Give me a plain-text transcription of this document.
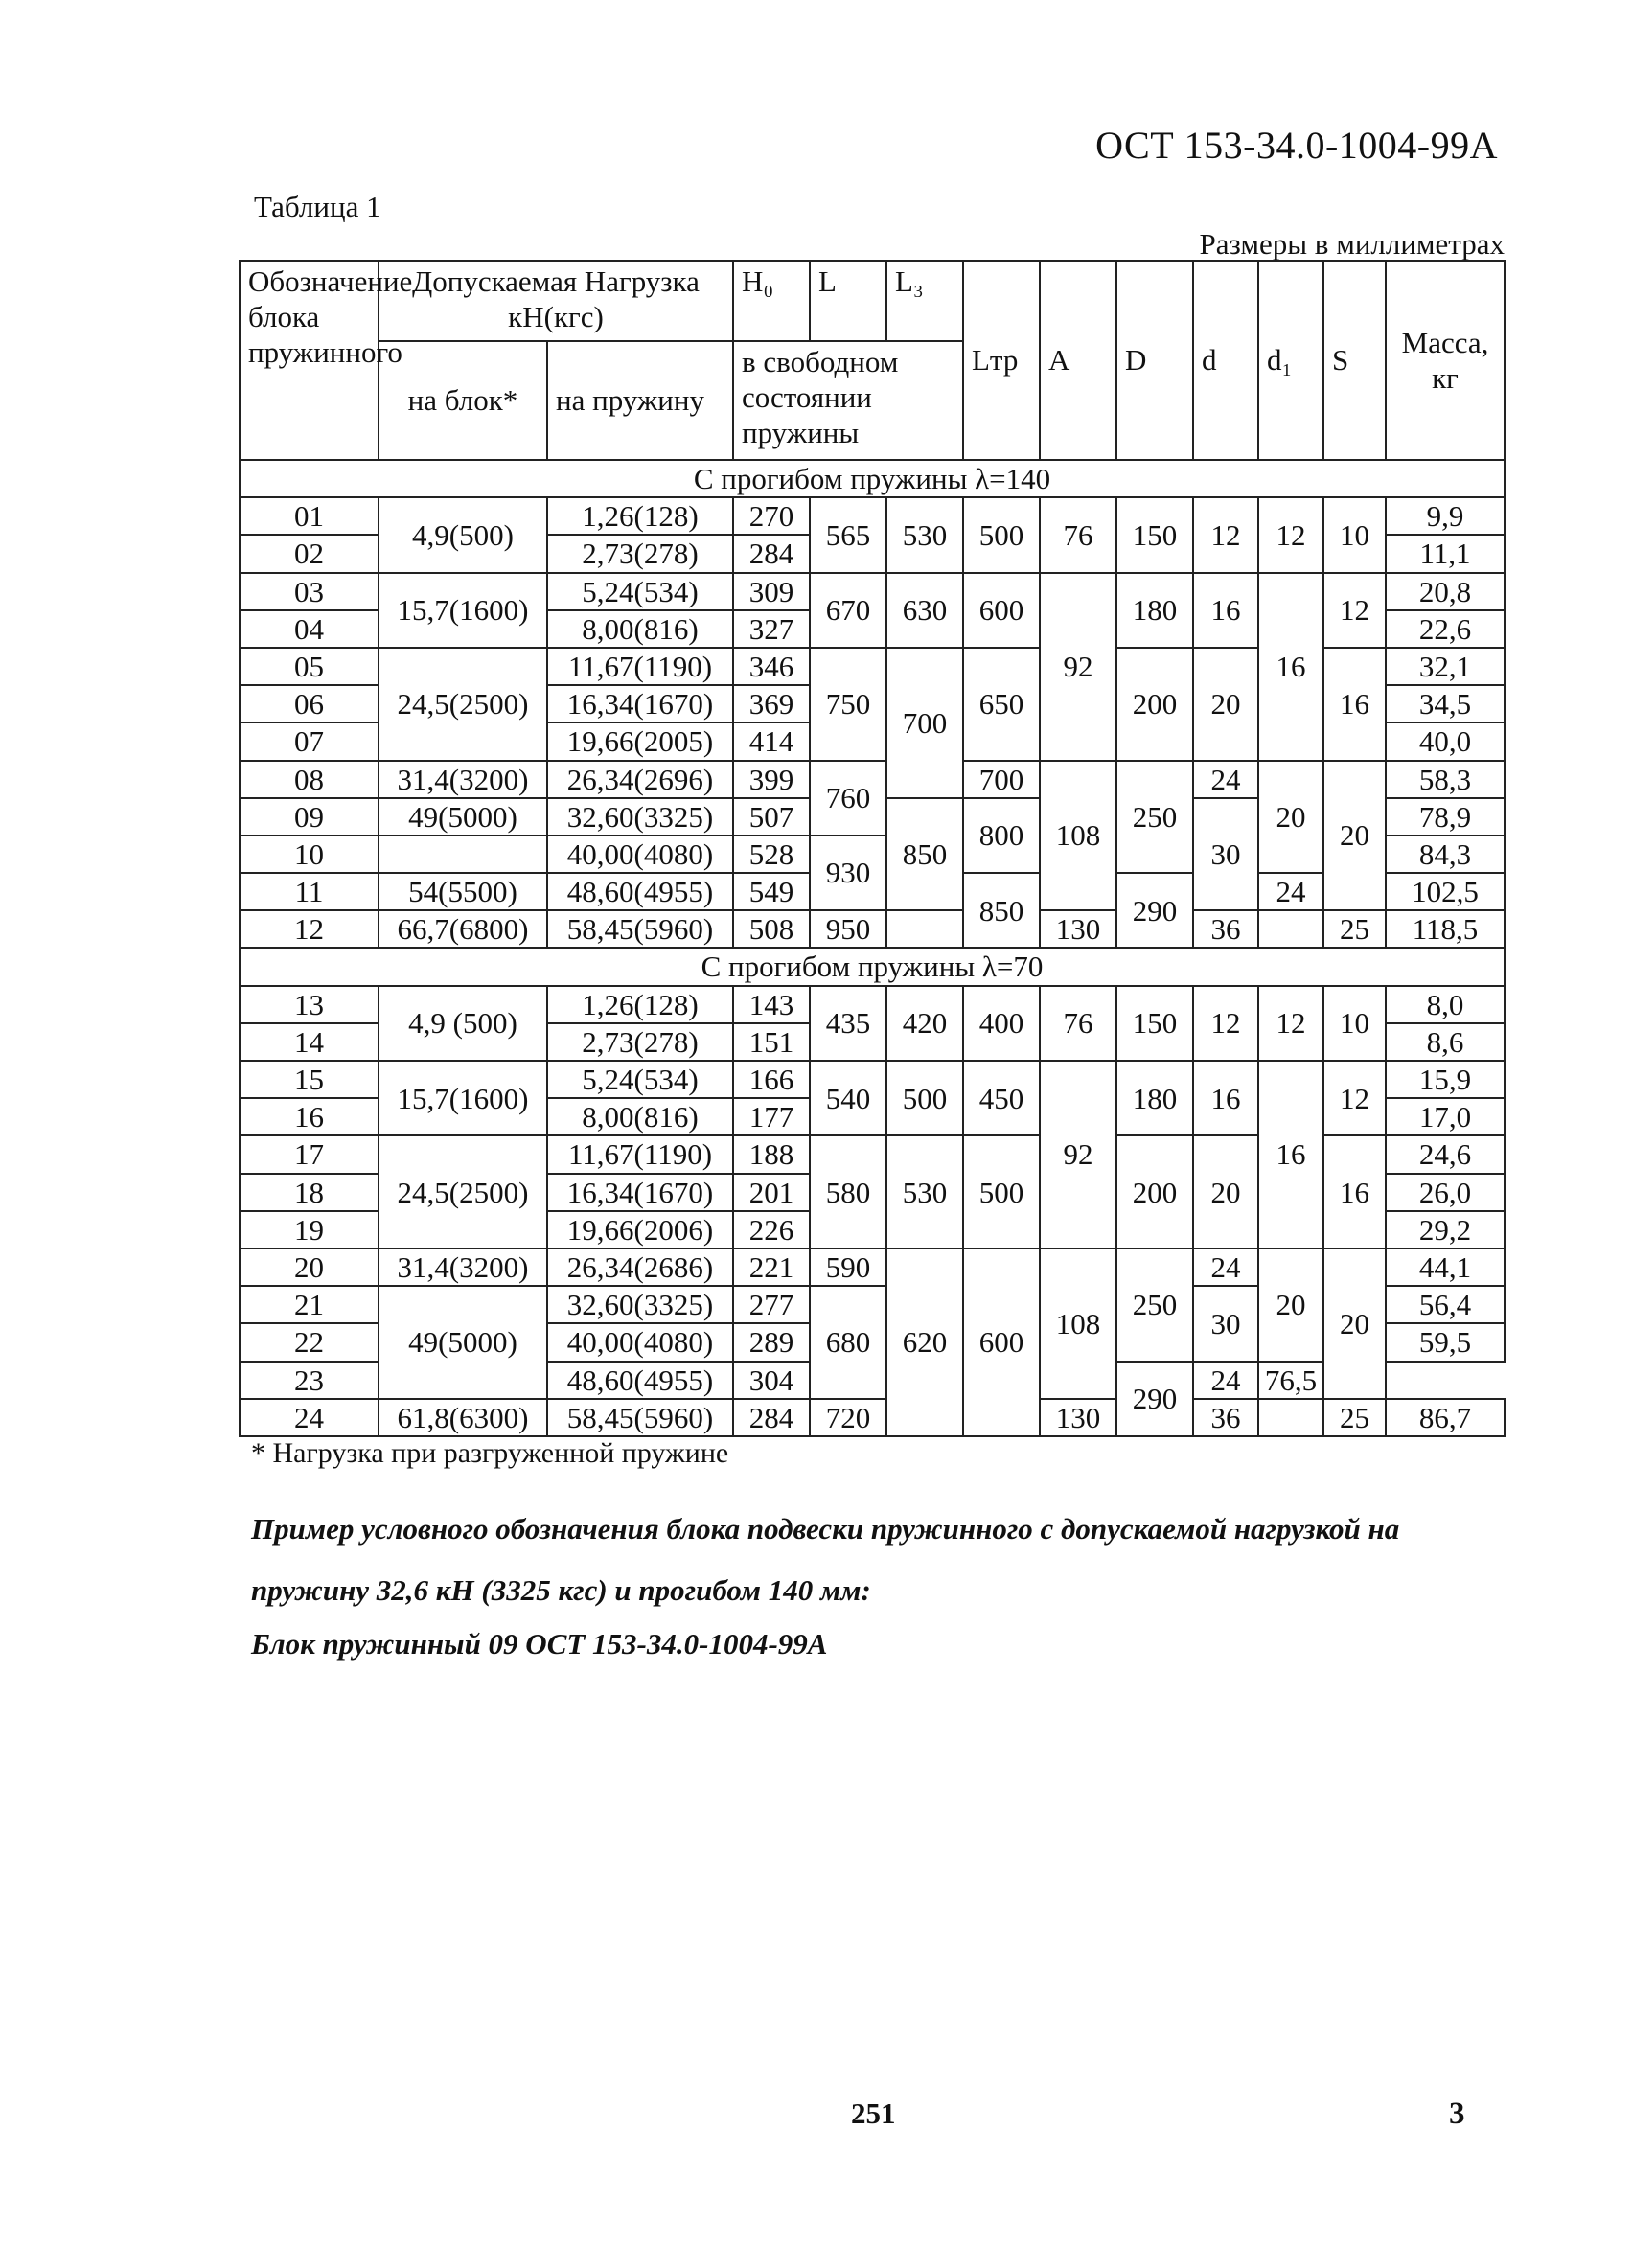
ОСТ 153-34.0-1004-99А
Таблица 1
Размеры в миллиметрах
Обозначение блока пружинного	Допускаемая Нагрузка кН(кгс)		H₀	L	L₃	Lтр	A	D	d	d₁	S	Масса, кг
	на блок*	на пружину	в свободном состоянии пружины									
С прогибом пружины λ=140												
01	4,9(500)	1,26(128)	270	565	530	500	76	150	12	12	10	9,9
02		2,73(278)	284									11,1
03	15,7(1600)	5,24(534)	309	670	630	600	92	180	16	16	12	20,8
04		8,00(816)	327									22,6
05	24,5(2500)	11,67(1190)	346	750	700	650		200	20		16	32,1
06		16,34(1670)	369									34,5
07		19,66(2005)	414									40,0
08	31,4(3200)	26,34(2696)	399	760		700	108	250	24	20	20	58,3
09	49(5000)	32,60(3325)	507		850	800			30			78,9
10		40,00(4080)	528	930								84,3
11	54(5500)	48,60(4955)	549			850		290		24		102,5
12	66,7(6800)	58,45(5960)	508	950			130		36		25	118,5
С прогибом пружины λ=70												
13	4,9 (500)	1,26(128)	143	435	420	400	76	150	12	12	10	8,0
14		2,73(278)	151									8,6
15	15,7(1600)	5,24(534)	166	540	500	450	92	180	16	16	12	15,9
16		8,00(816)	177									17,0
17	24,5(2500)	11,67(1190)	188	580	530	500		200	20		16	24,6
18		16,34(1670)	201									26,0
19		19,66(2006)	226									29,2
20	31,4(3200)	26,34(2686)	221	590	620	600	108	250	24	20	20	44,1
21	49(5000)	32,60(3325)	277	680					30			56,4
22		40,00(4080)	289									59,5
23		48,60(4955)	304					290	24	76,5		
24	61,8(6300)	58,45(5960)	284	720			130		36		25	86,7
* Нагрузка при разгруженной пружине
Пример условного обозначения блока подвески пружинного с допускаемой нагрузкой на
пружину 32,6 кН (3325 кгс) и прогибом 140 мм:
Блок пружинный 09 ОСТ 153-34.0-1004-99А
251	3
